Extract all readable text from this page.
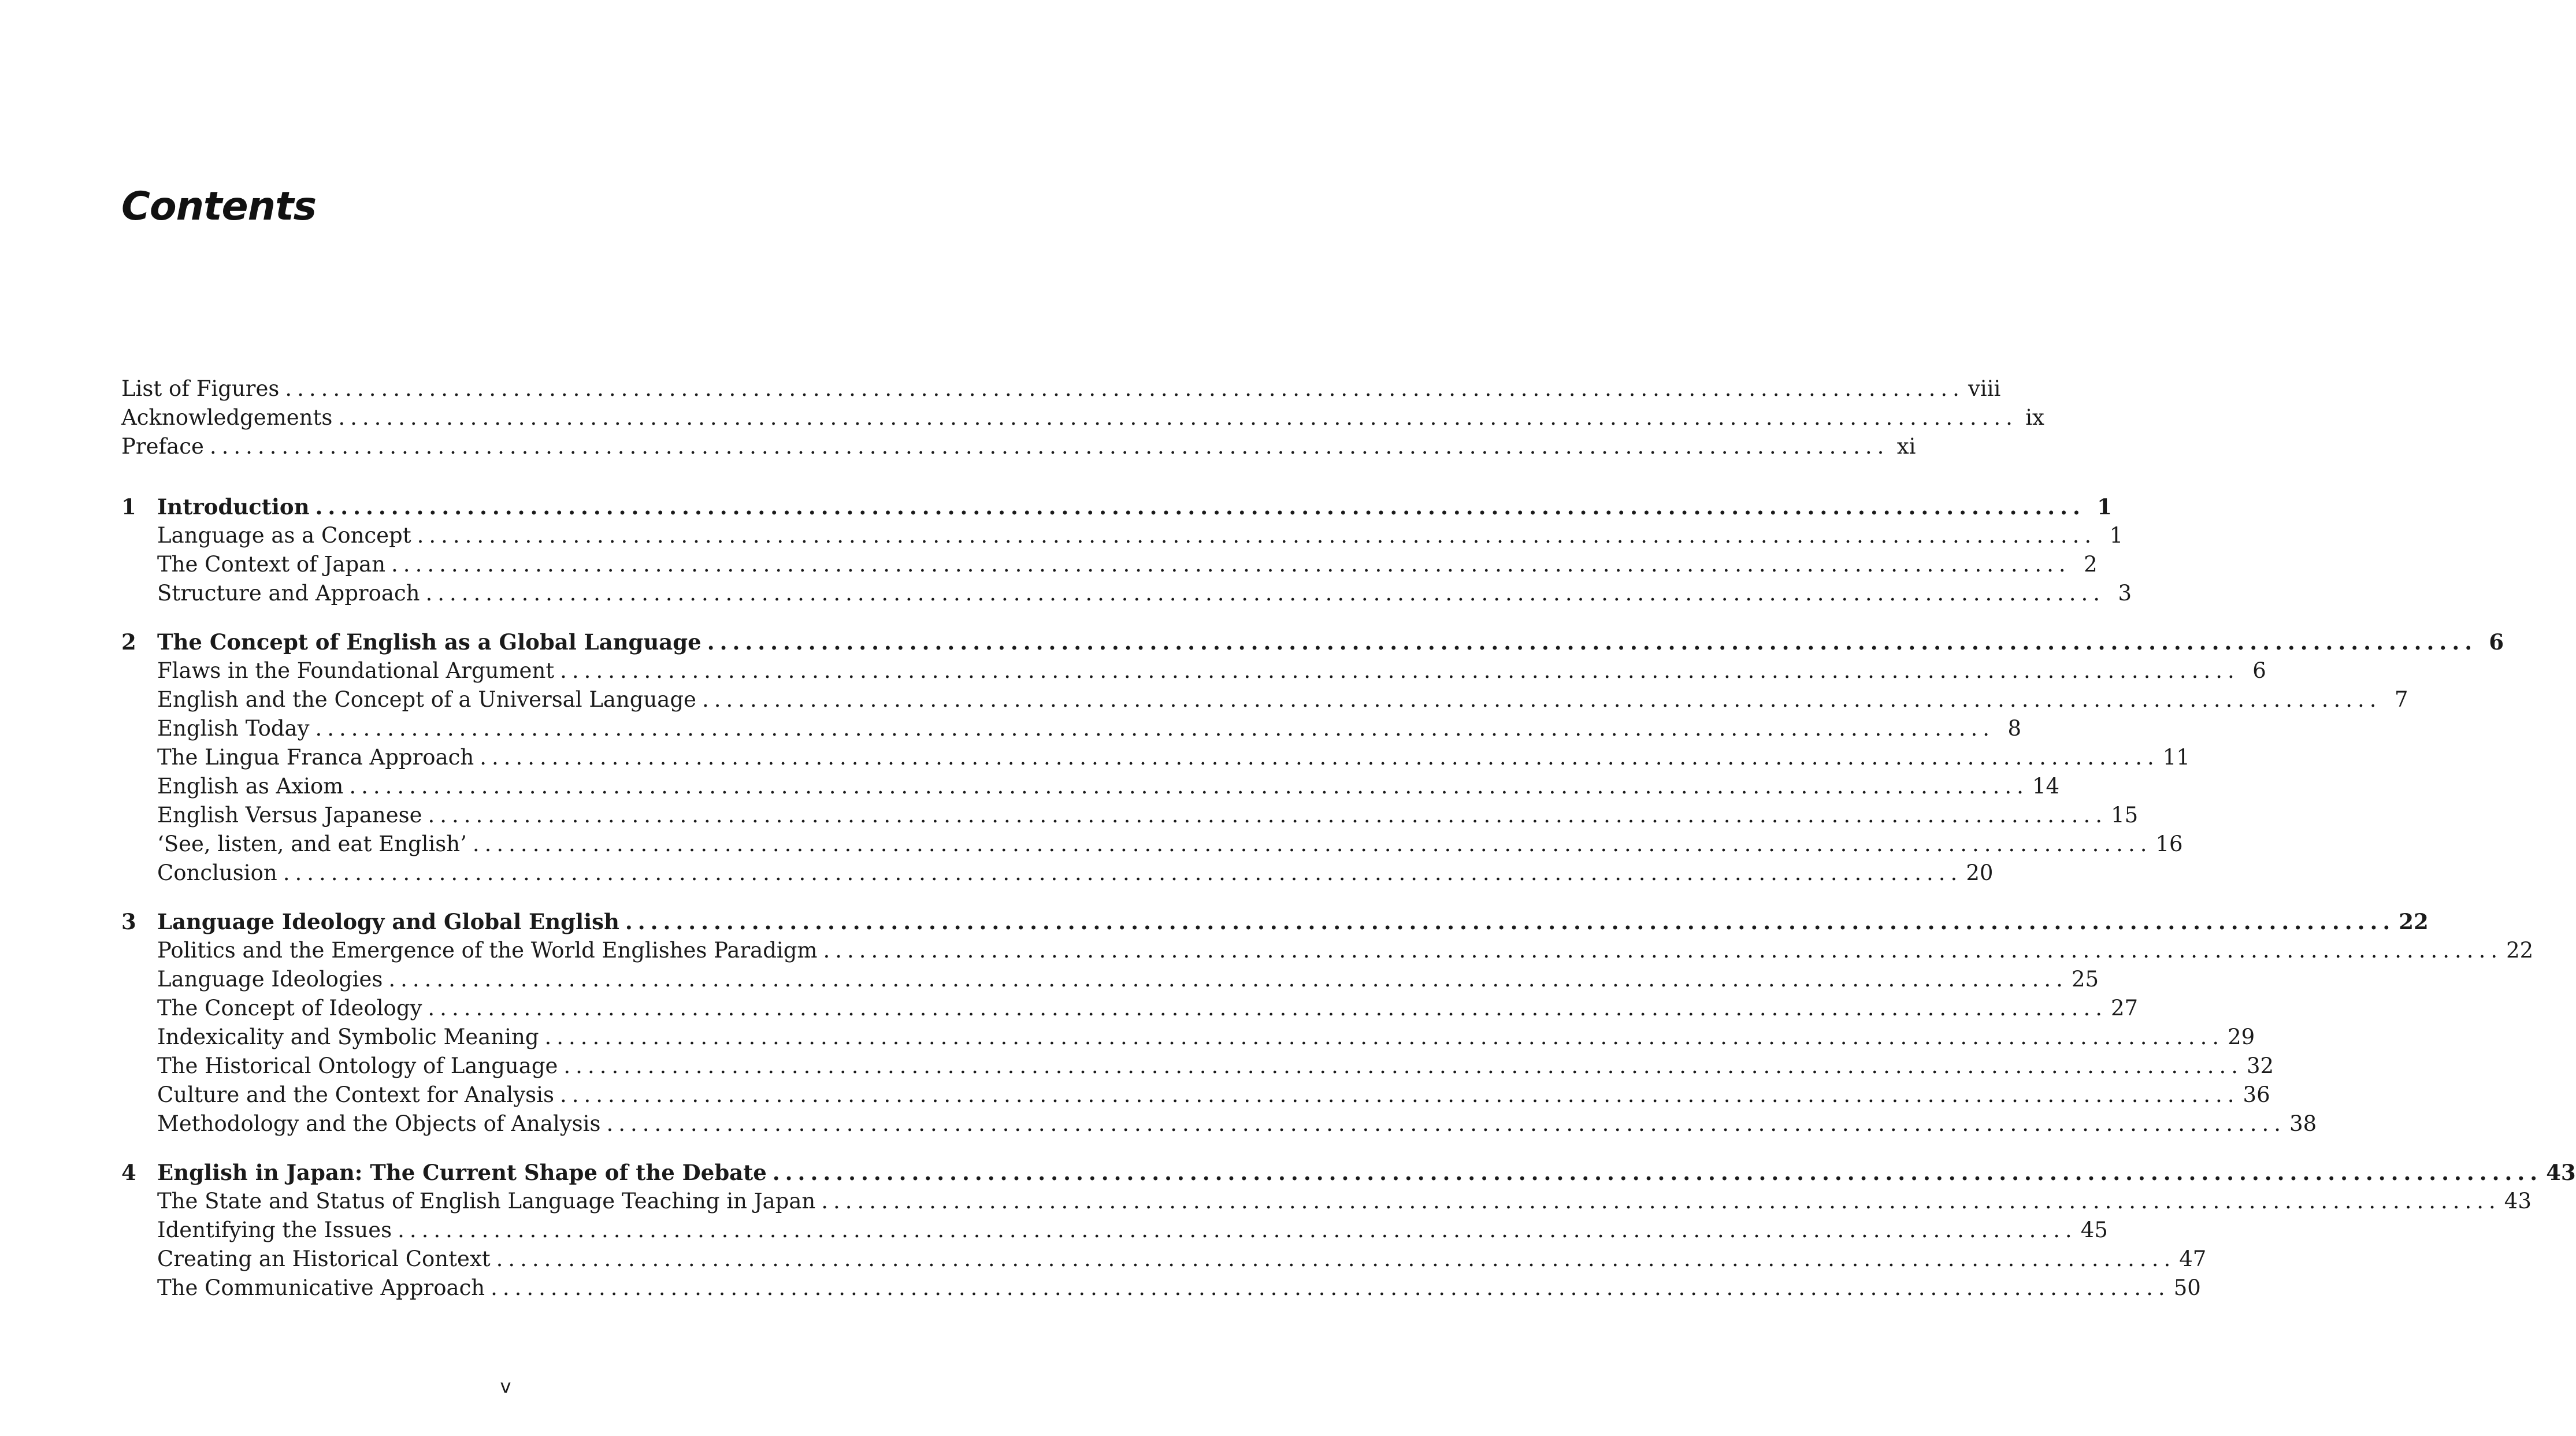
Contents
List of Figures ............................................................................................................................................ viii
Acknowledgements ............................................................................................................................................ ix
Preface ............................................................................................................................................ xi
1 Introduction ............................................................................................................................................ 1
Language as a Concept ............................................................................................................................................ 1
The Context of Japan ............................................................................................................................................ 2
Structure and Approach ............................................................................................................................................ 3
2 The Concept of English as a Global Language ............................................................................................................................................ 6
Flaws in the Foundational Argument ............................................................................................................................................ 6
English and the Concept of a Universal Language ............................................................................................................................................ 7
English Today ............................................................................................................................................ 8
The Lingua Franca Approach ............................................................................................................................................ 11
English as Axiom ............................................................................................................................................ 14
English Versus Japanese ............................................................................................................................................ 15
‘See, listen, and eat English’ ............................................................................................................................................ 16
Conclusion ............................................................................................................................................ 20
3 Language Ideology and Global English ............................................................................................................................................ 22
Politics and the Emergence of the World Englishes Paradigm ............................................................................................................................................ 22
Language Ideologies ............................................................................................................................................ 25
The Concept of Ideology ............................................................................................................................................ 27
Indexicality and Symbolic Meaning ............................................................................................................................................ 29
The Historical Ontology of Language ............................................................................................................................................ 32
Culture and the Context for Analysis ............................................................................................................................................ 36
Methodology and the Objects of Analysis ............................................................................................................................................ 38
4 English in Japan: The Current Shape of the Debate ............................................................................................................................................ 43
The State and Status of English Language Teaching in Japan ............................................................................................................................................ 43
Identifying the Issues ............................................................................................................................................ 45
Creating an Historical Context ............................................................................................................................................ 47
The Communicative Approach ............................................................................................................................................ 50
v
